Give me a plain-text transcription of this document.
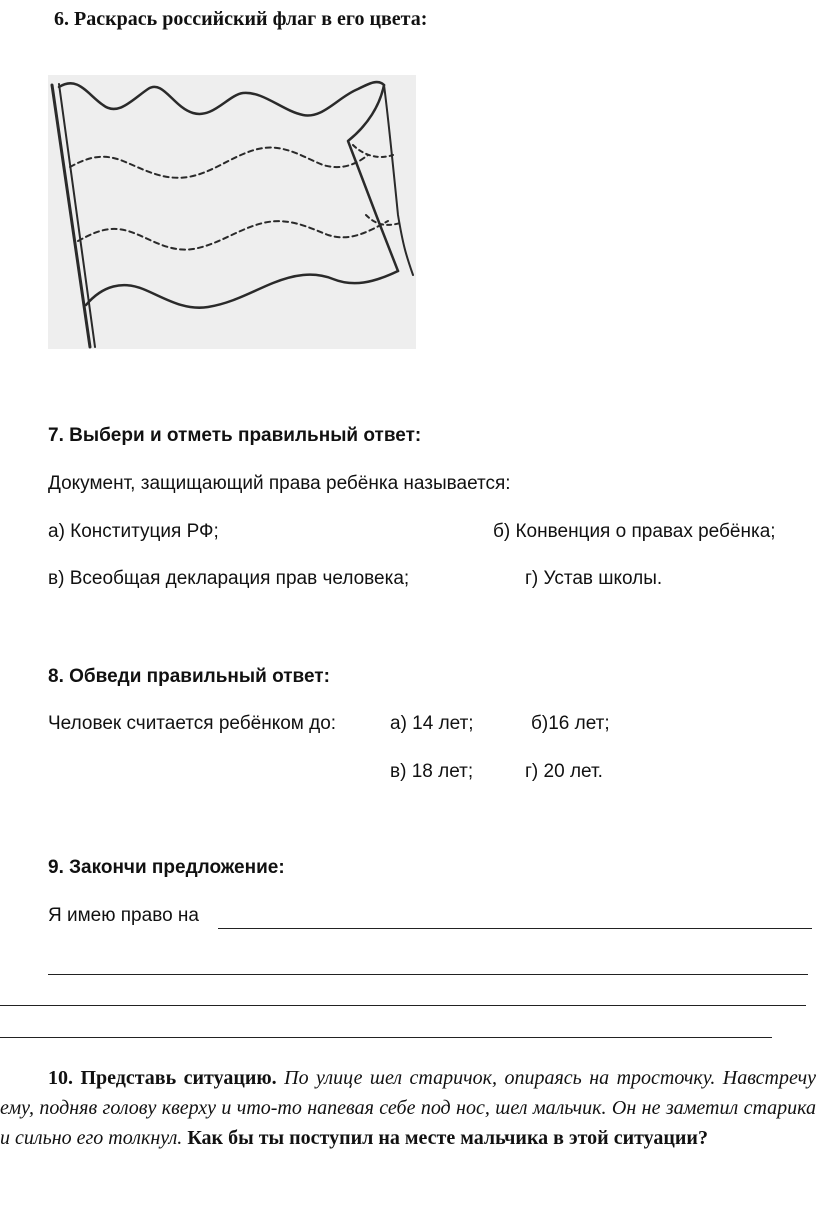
6. Раскрась российский флаг в его цвета:
7. Выбери и отметь правильный ответ:
Документ, защищающий права ребёнка называется:
а) Конституция РФ;	б) Конвенция о правах ребёнка;
в) Всеобщая декларация прав человека;	г) Устав школы.
8. Обведи правильный ответ:
Человек считается ребёнком до:	а) 14 лет;	б)16 лет;
в) 18 лет;	г) 20 лет.
9. Закончи предложение:
Я имею право на
10. Представь ситуацию. По улице шел старичок, опираясь на тросточку. Навстречу ему, подняв голову кверху и что-то напевая себе под нос, шел мальчик. Он не заметил старика и сильно его толкнул. Как бы ты поступил на месте мальчика в этой ситуации?
